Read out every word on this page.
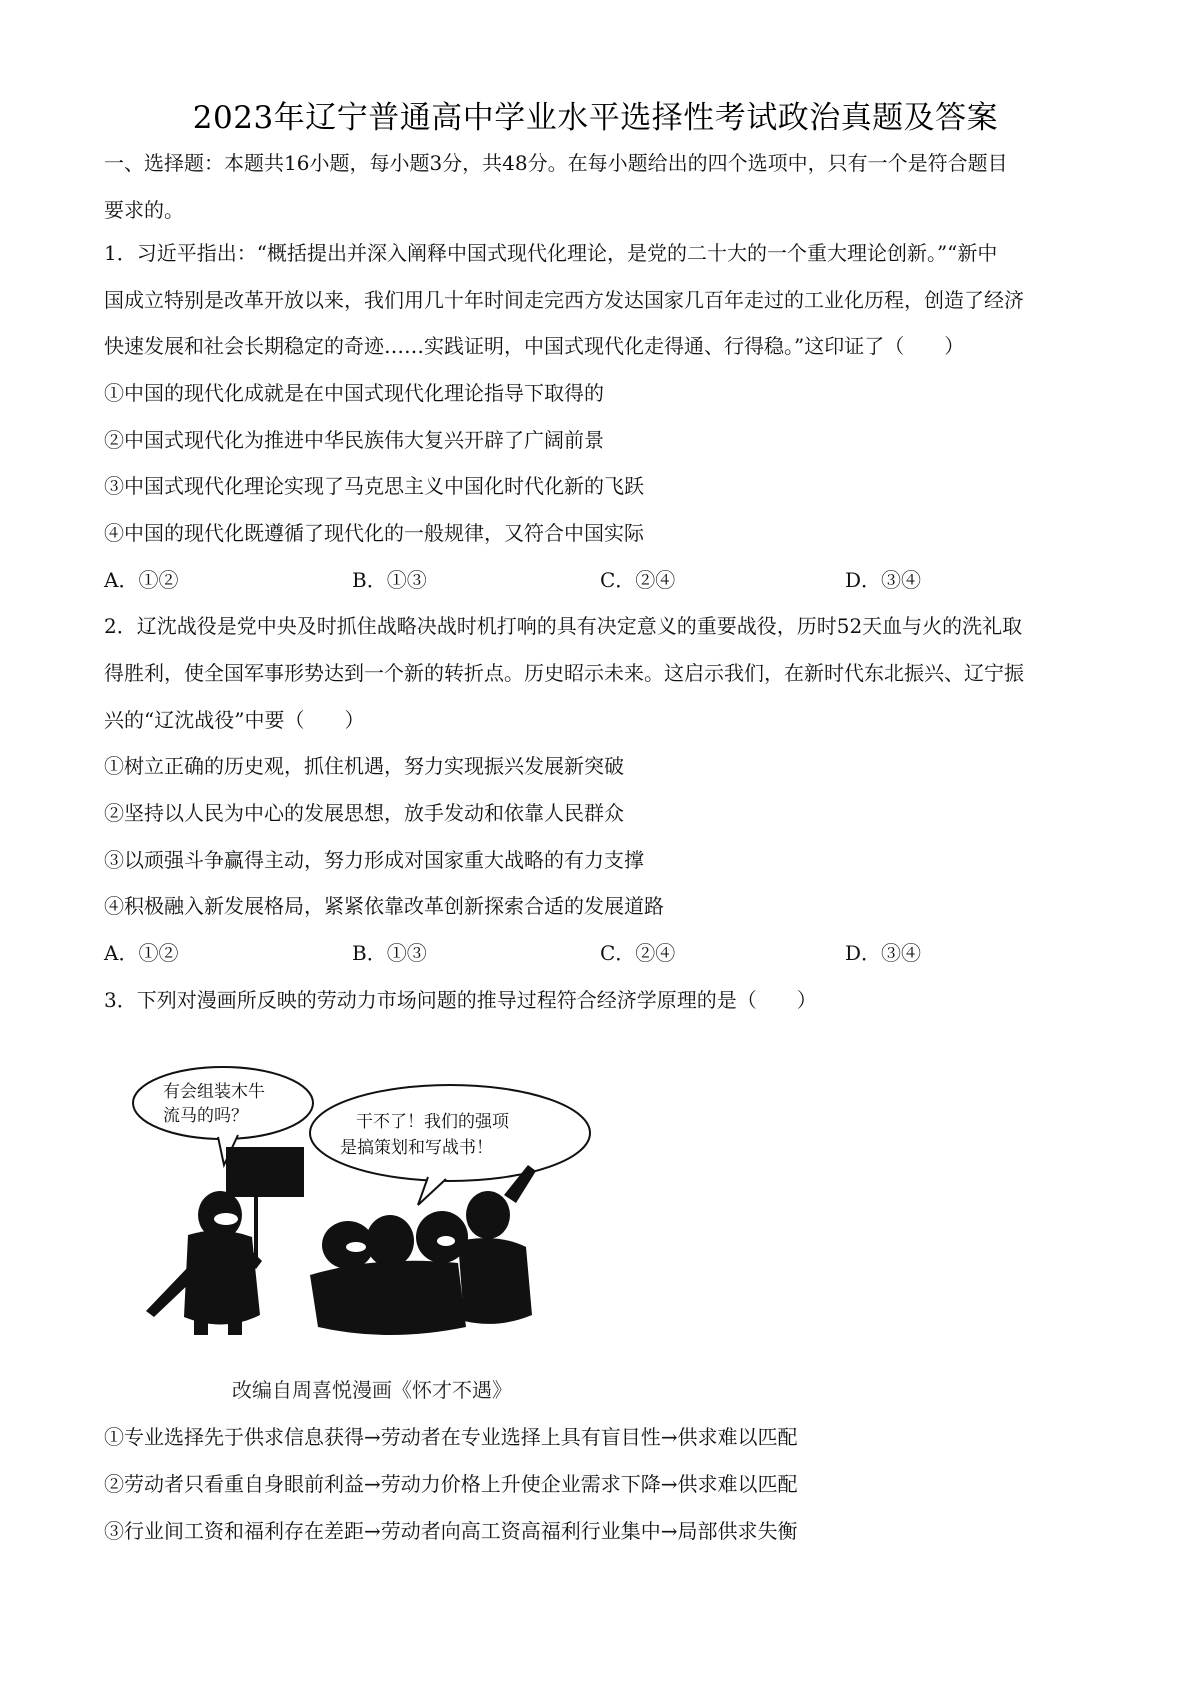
2023年辽宁普通高中学业水平选择性考试政治真题及答案
一、选择题：本题共16小题，每小题3分，共48分。在每小题给出的四个选项中，只有一个是符合题目
要求的。
1．习近平指出：“概括提出并深入阐释中国式现代化理论，是党的二十大的一个重大理论创新。”“新中
国成立特别是改革开放以来，我们用几十年时间走完西方发达国家几百年走过的工业化历程，创造了经济
快速发展和社会长期稳定的奇迹……实践证明，中国式现代化走得通、行得稳。”这印证了（　　）
①中国的现代化成就是在中国式现代化理论指导下取得的
②中国式现代化为推进中华民族伟大复兴开辟了广阔前景
③中国式现代化理论实现了马克思主义中国化时代化新的飞跃
④中国的现代化既遵循了现代化的一般规律，又符合中国实际
A．①②	B．①③	C．②④	D．③④
2．辽沈战役是党中央及时抓住战略决战时机打响的具有决定意义的重要战役，历时52天血与火的洗礼取
得胜利，使全国军事形势达到一个新的转折点。历史昭示未来。这启示我们，在新时代东北振兴、辽宁振
兴的“辽沈战役”中要（　　）
①树立正确的历史观，抓住机遇，努力实现振兴发展新突破
②坚持以人民为中心的发展思想，放手发动和依靠人民群众
③以顽强斗争赢得主动，努力形成对国家重大战略的有力支撑
④积极融入新发展格局，紧紧依靠改革创新探索合适的发展道路
A．①②	B．①③	C．②④	D．③④
3．下列对漫画所反映的劳动力市场问题的推导过程符合经济学原理的是（　　）
有会组装木牛
流马的吗？	干不了！我们的强项
是搞策划和写战书！
改编自周喜悦漫画《怀才不遇》
①专业选择先于供求信息获得→劳动者在专业选择上具有盲目性→供求难以匹配
②劳动者只看重自身眼前利益→劳动力价格上升使企业需求下降→供求难以匹配
③行业间工资和福利存在差距→劳动者向高工资高福利行业集中→局部供求失衡
